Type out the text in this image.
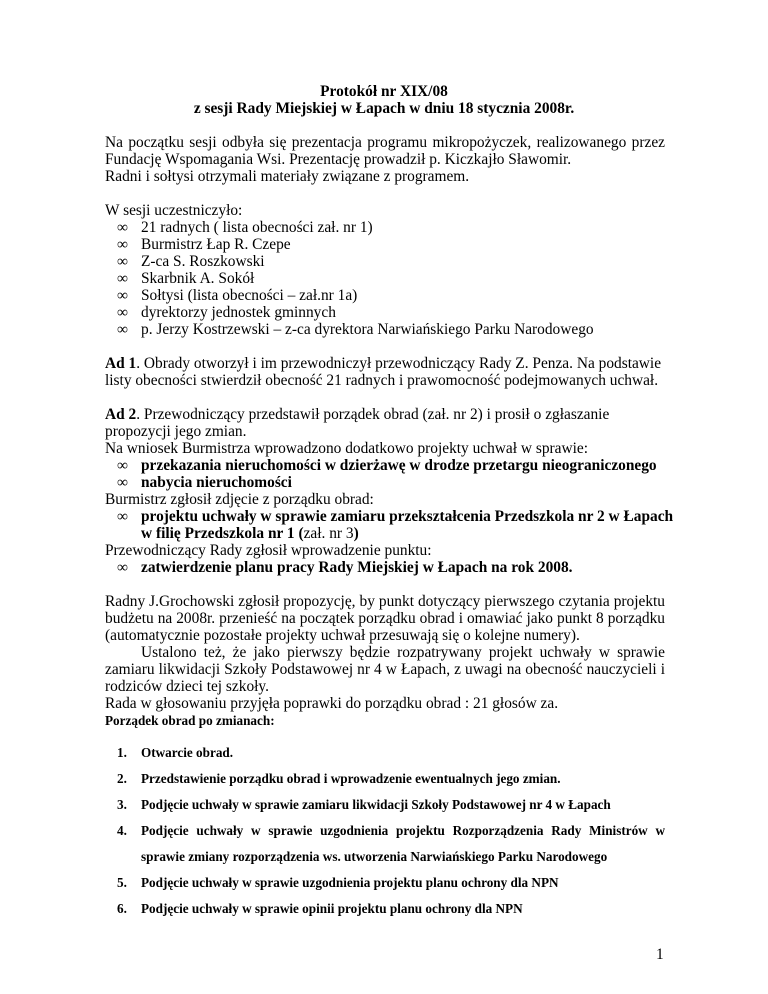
Protokół nr XIX/08
z sesji Rady Miejskiej w Łapach w dniu 18 stycznia 2008r.
Na początku sesji odbyła się prezentacja programu mikropożyczek, realizowanego przez
Fundację Wspomagania Wsi. Prezentację prowadził p. Kiczkajło Sławomir.
Radni i sołtysi otrzymali materiały związane z programem.
W sesji uczestniczyło:
∞ 21 radnych ( lista obecności zał. nr 1)
∞ Burmistrz Łap R. Czepe
∞ Z-ca S. Roszkowski
∞ Skarbnik A. Sokół
∞ Sołtysi (lista obecności – zał.nr 1a)
∞ dyrektorzy jednostek gminnych
∞ p. Jerzy Kostrzewski – z-ca dyrektora Narwiańskiego Parku Narodowego
Ad 1. Obrady otworzył i im przewodniczył przewodniczący Rady Z. Penza. Na podstawie
listy obecności stwierdził obecność 21 radnych i prawomocność podejmowanych uchwał.
Ad 2. Przewodniczący przedstawił porządek obrad (zał. nr 2) i prosił o zgłaszanie
propozycji jego zmian.
Na wniosek Burmistrza wprowadzono dodatkowo projekty uchwał w sprawie:
∞ przekazania nieruchomości w dzierżawę w drodze przetargu nieograniczonego
∞ nabycia nieruchomości
Burmistrz zgłosił zdjęcie z porządku obrad:
∞ projektu uchwały w sprawie zamiaru przekształcenia Przedszkola nr 2 w Łapach
w filię Przedszkola nr 1 (zał. nr 3)
Przewodniczący Rady zgłosił wprowadzenie punktu:
∞ zatwierdzenie planu pracy Rady Miejskiej w Łapach na rok 2008.
Radny J.Grochowski zgłosił propozycję, by punkt dotyczący pierwszego czytania projektu
budżetu na 2008r. przenieść na początek porządku obrad i omawiać jako punkt 8 porządku
(automatycznie pozostałe projekty uchwał przesuwają się o kolejne numery).
Ustalono też, że jako pierwszy będzie rozpatrywany projekt uchwały w sprawie
zamiaru likwidacji Szkoły Podstawowej nr 4 w Łapach, z uwagi na obecność nauczycieli i
rodziców dzieci tej szkoły.
Rada w głosowaniu przyjęła poprawki do porządku obrad : 21 głosów za.
Porządek obrad po zmianach:
1. Otwarcie obrad.
2. Przedstawienie porządku obrad i wprowadzenie ewentualnych jego zmian.
3. Podjęcie uchwały w sprawie zamiaru likwidacji Szkoły Podstawowej nr 4 w Łapach
4. Podjęcie uchwały w sprawie uzgodnienia projektu Rozporządzenia Rady Ministrów w
sprawie zmiany rozporządzenia ws. utworzenia Narwiańskiego Parku Narodowego
5. Podjęcie uchwały w sprawie uzgodnienia projektu planu ochrony dla NPN
6. Podjęcie uchwały w sprawie opinii projektu planu ochrony dla NPN
1
